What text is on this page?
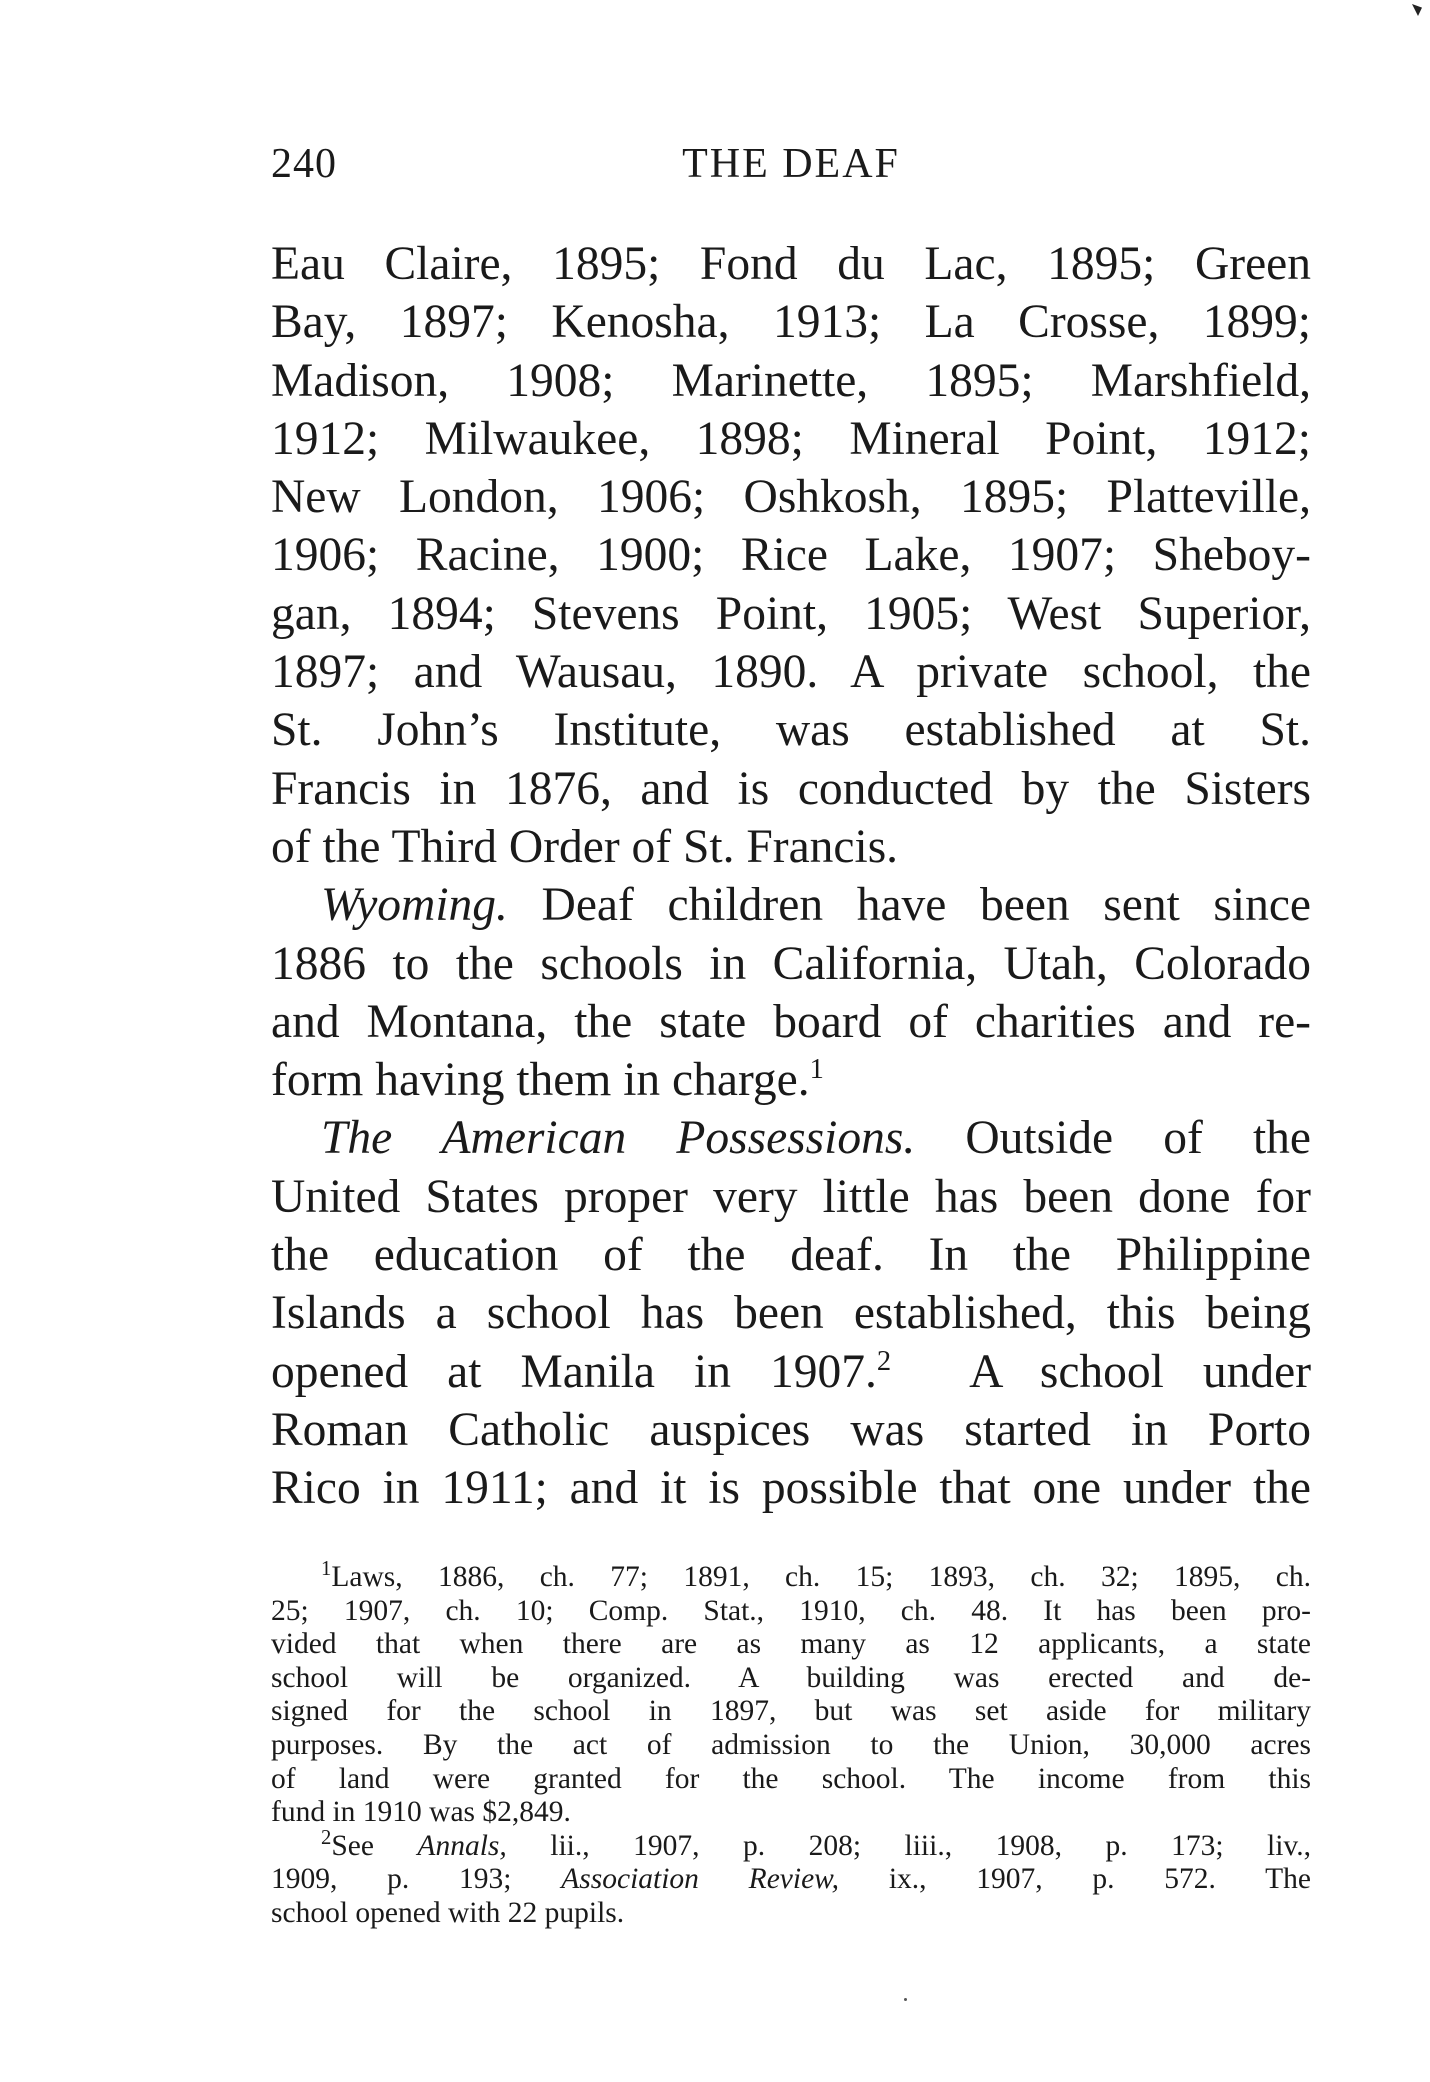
240	THE DEAF
Eau Claire, 1895; Fond du Lac, 1895; Green
Bay, 1897; Kenosha, 1913; La Crosse, 1899;
Madison, 1908; Marinette, 1895; Marshfield,
1912; Milwaukee, 1898; Mineral Point, 1912;
New London, 1906; Oshkosh, 1895; Platteville,
1906; Racine, 1900; Rice Lake, 1907; Sheboy-
gan, 1894; Stevens Point, 1905; West Superior,
1897; and Wausau, 1890. A private school, the
St. John’s Institute, was established at St.
Francis in 1876, and is conducted by the Sisters
of the Third Order of St. Francis.
Wyoming. Deaf children have been sent since
1886 to the schools in California, Utah, Colorado
and Montana, the state board of charities and re-
form having them in charge.$^1$
The American Possessions. Outside of the
United States proper very little has been done for
the education of the deaf. In the Philippine
Islands a school has been established, this being
opened at Manila in 1907.$^2$ A school under
Roman Catholic auspices was started in Porto
Rico in 1911; and it is possible that one under the
$^1$Laws, 1886, ch. 77; 1891, ch. 15; 1893, ch. 32; 1895, ch.
25; 1907, ch. 10; Comp. Stat., 1910, ch. 48. It has been pro-
vided that when there are as many as 12 applicants, a state
school will be organized. A building was erected and de-
signed for the school in 1897, but was set aside for military
purposes. By the act of admission to the Union, 30,000 acres
of land were granted for the school. The income from this
fund in 1910 was $2,849.
$^2$See Annals, lii., 1907, p. 208; liii., 1908, p. 173; liv.,
1909, p. 193; Association Review, ix., 1907, p. 572. The
school opened with 22 pupils.
